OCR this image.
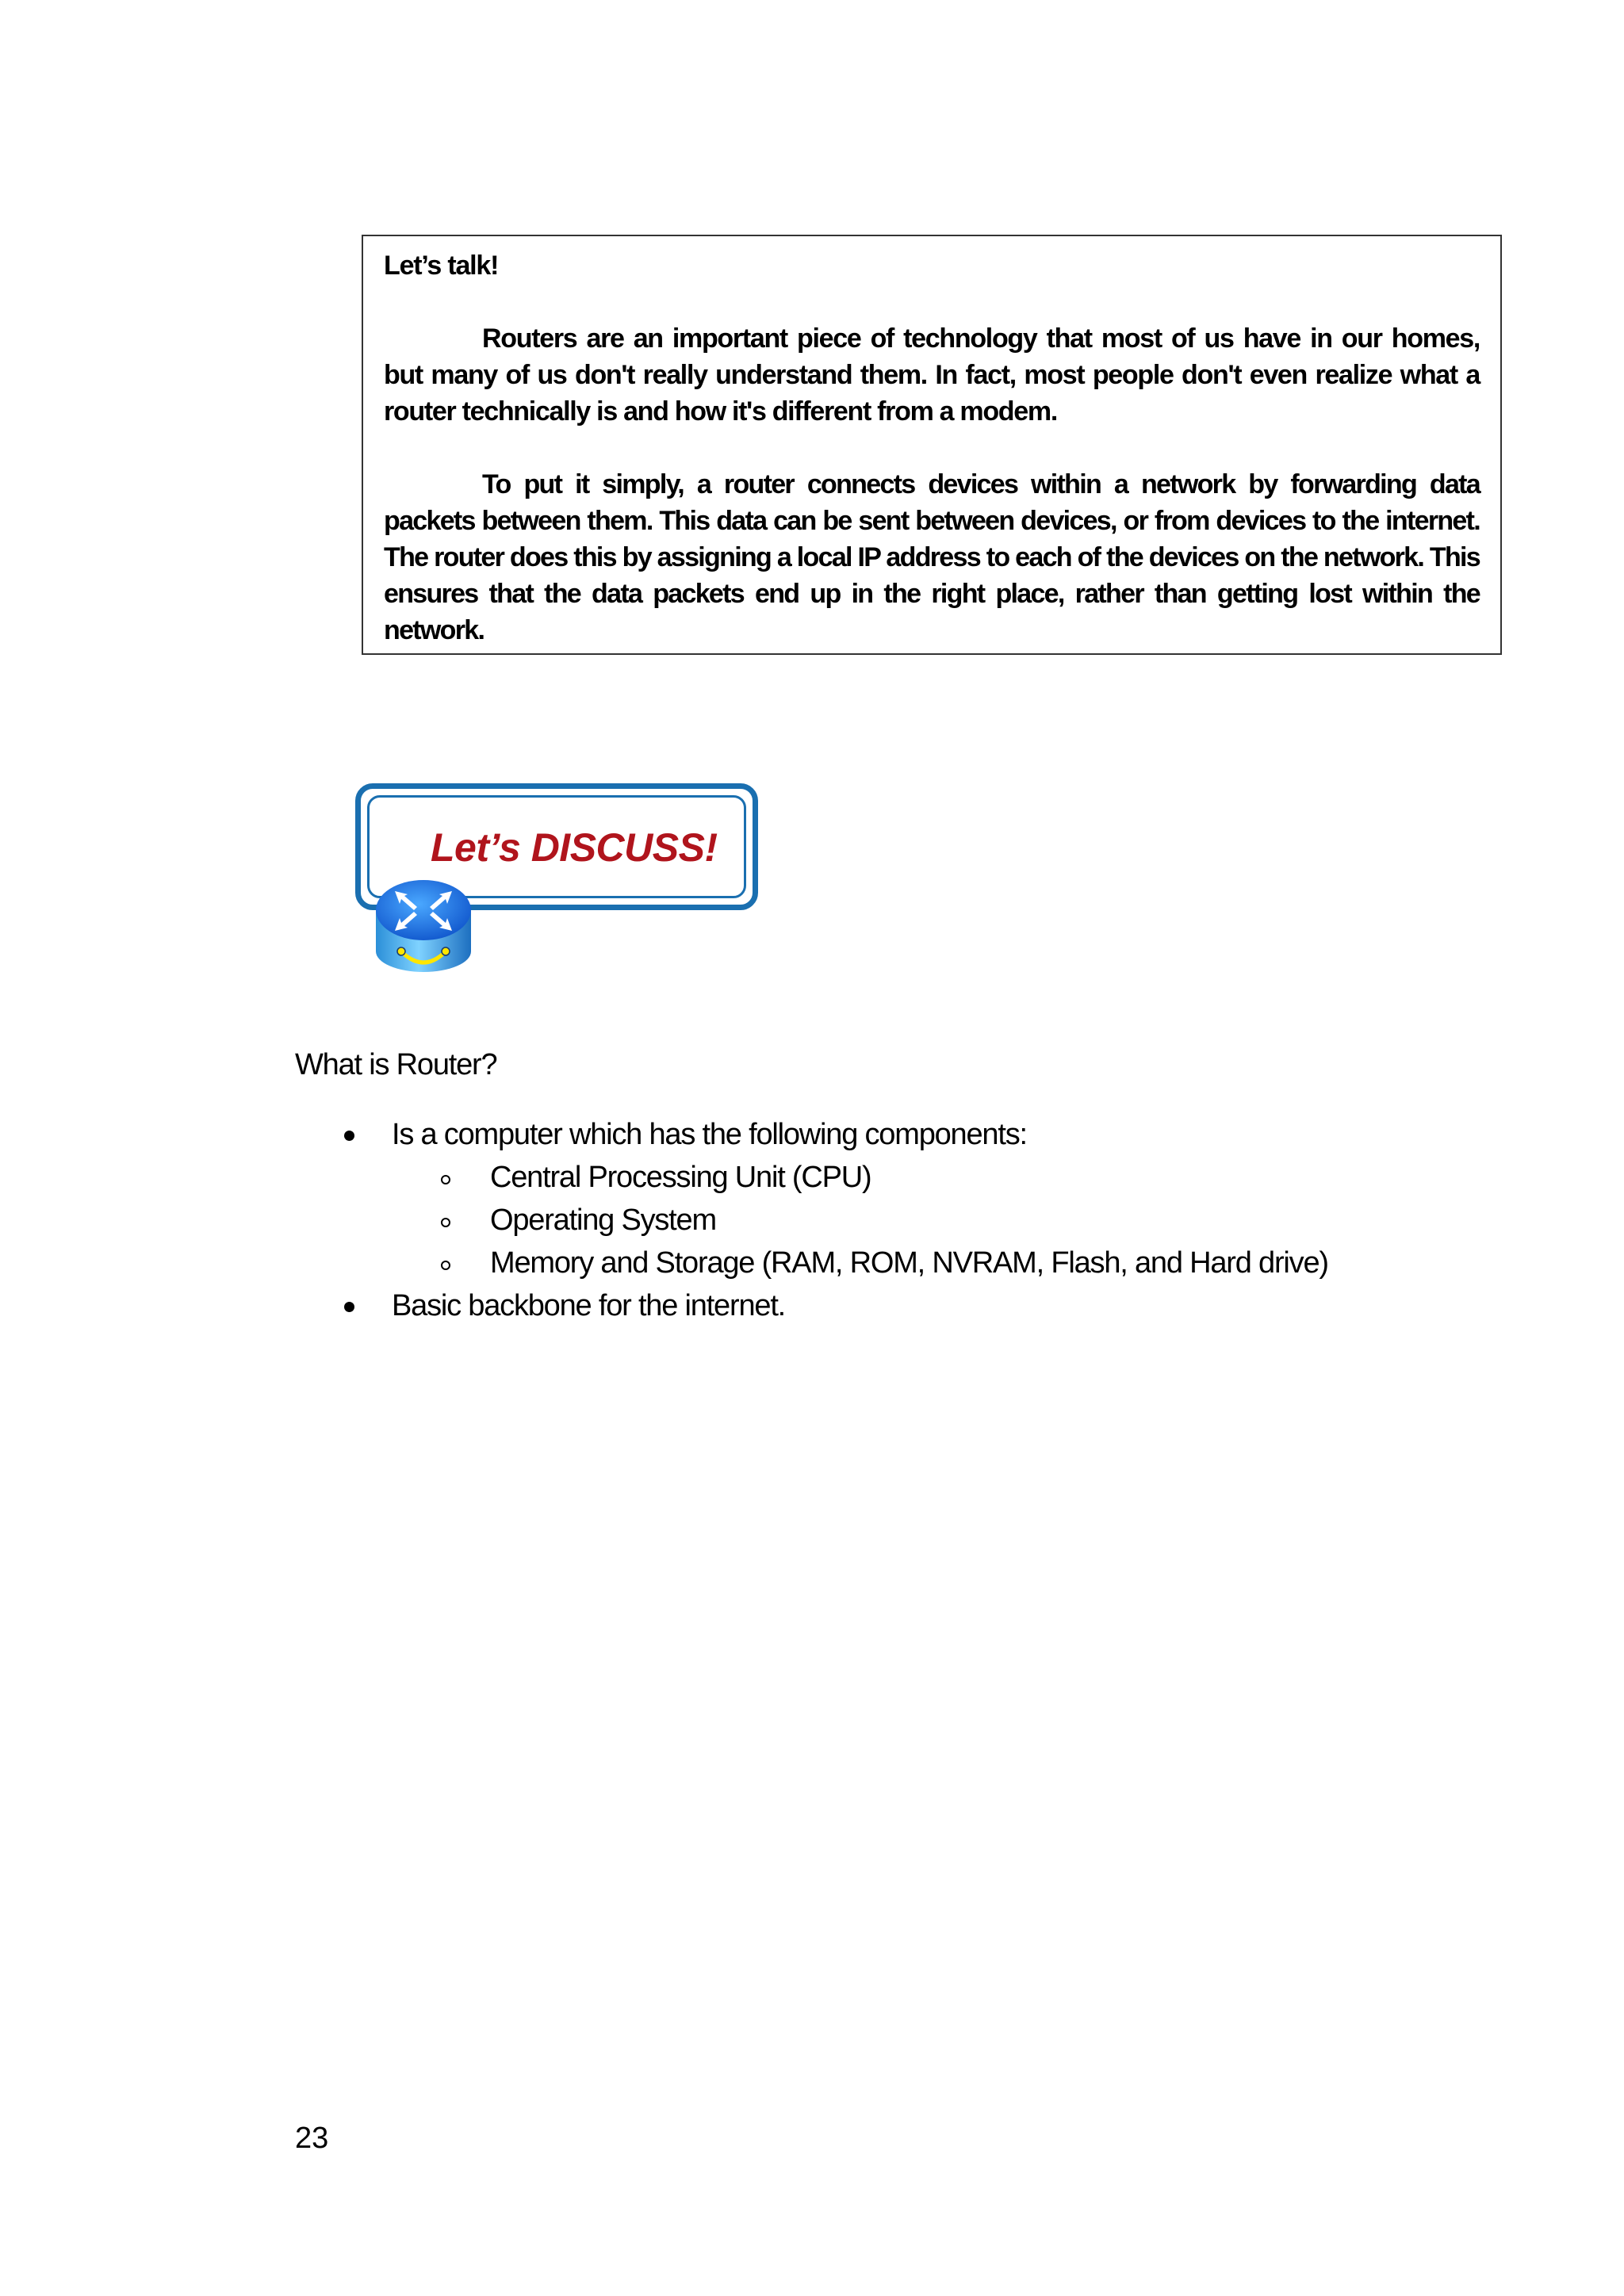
Let’s talk!

Routers are an important piece of technology that most of us have in our homes, but many of us don't really understand them. In fact, most people don't even realize what a router technically is and how it's different from a modem.

To put it simply, a router connects devices within a network by forwarding data packets between them. This data can be sent between devices, or from devices to the internet. The router does this by assigning a local IP address to each of the devices on the network. This ensures that the data packets end up in the right place, rather than getting lost within the network.

Let’s DISCUSS!
What is Router?
Is a computer which has the following components:
Central Processing Unit (CPU)
Operating System
Memory and Storage (RAM, ROM, NVRAM, Flash, and Hard drive)
Basic backbone for the internet.
23
